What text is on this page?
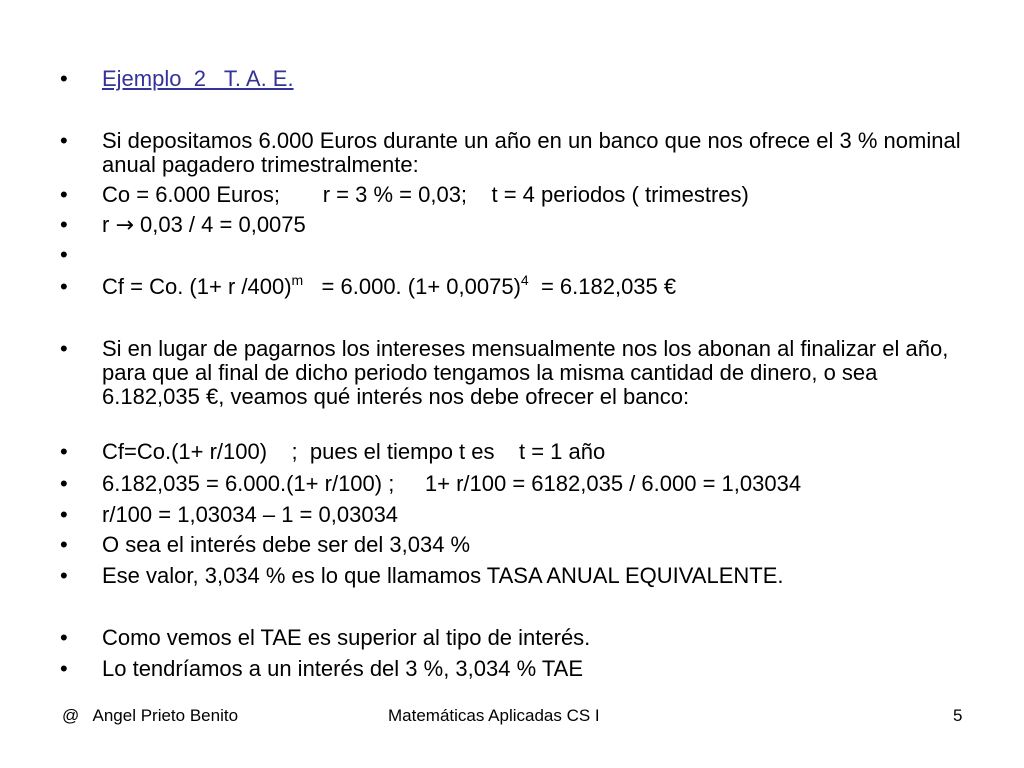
•	Ejemplo  2   T. A. E.
•	Si depositamos 6.000 Euros durante un año en un banco que nos ofrece el 3 % nominal anual pagadero trimestralmente:
•	Co = 6.000 Euros;       r = 3 % = 0,03;    t = 4 periodos ( trimestres)
•	r → 0,03 / 4 = 0,0075
•
•	Cf = Co. (1+ r /400)$^m$   = 6.000. $(1+ 0,0075)^4 = 6.182,035$ €
•	Si en lugar de pagarnos los intereses mensualmente nos los abonan al finalizar el año, para que al final de dicho periodo tengamos la misma cantidad de dinero, o sea  6.182,035 €, veamos qué interés nos debe ofrecer el banco:
•	Cf=Co.(1+ r/100)    ;  pues el tiempo t es    t = 1 año
•	6.182,035 = 6.000.(1+ r/100) ;     1+ r/100 = 6182,035 / 6.000 = 1,03034
•	r/100 = 1,03034 – 1 = 0,03034
•	O sea el interés debe ser del 3,034 %
•	Ese valor, 3,034 % es lo que llamamos TASA ANUAL EQUIVALENTE.
•	Como vemos el TAE es superior al tipo de interés.
•	Lo tendríamos a un interés del 3 %, 3,034 % TAE
@   Angel Prieto Benito	Matemáticas Aplicadas CS I	5
